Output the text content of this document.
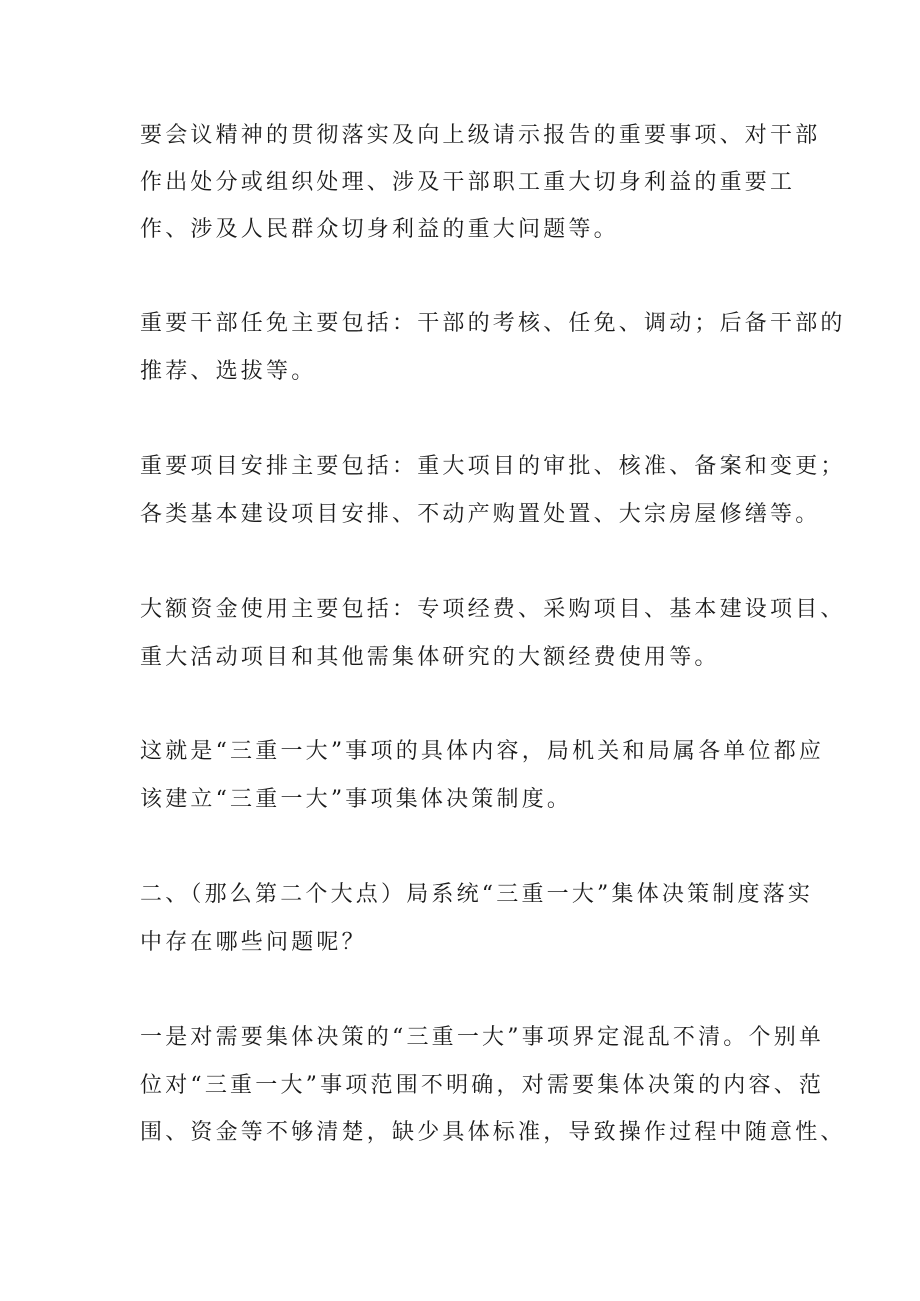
要会议精神的贯彻落实及向上级请示报告的重要事项、对干部
作出处分或组织处理、涉及干部职工重大切身利益的重要工
作、涉及人民群众切身利益的重大问题等。
重要干部任免主要包括：干部的考核、任免、调动；后备干部的
推荐、选拔等。
重要项目安排主要包括：重大项目的审批、核准、备案和变更；
各类基本建设项目安排、不动产购置处置、大宗房屋修缮等。
大额资金使用主要包括：专项经费、采购项目、基本建设项目、
重大活动项目和其他需集体研究的大额经费使用等。
这就是“三重一大”事项的具体内容，局机关和局属各单位都应
该建立“三重一大”事项集体决策制度。
二、（那么第二个大点）局系统“三重一大”集体决策制度落实
中存在哪些问题呢？
一是对需要集体决策的“三重一大”事项界定混乱不清。个别单
位对“三重一大”事项范围不明确，对需要集体决策的内容、范
围、资金等不够清楚，缺少具体标准，导致操作过程中随意性、
